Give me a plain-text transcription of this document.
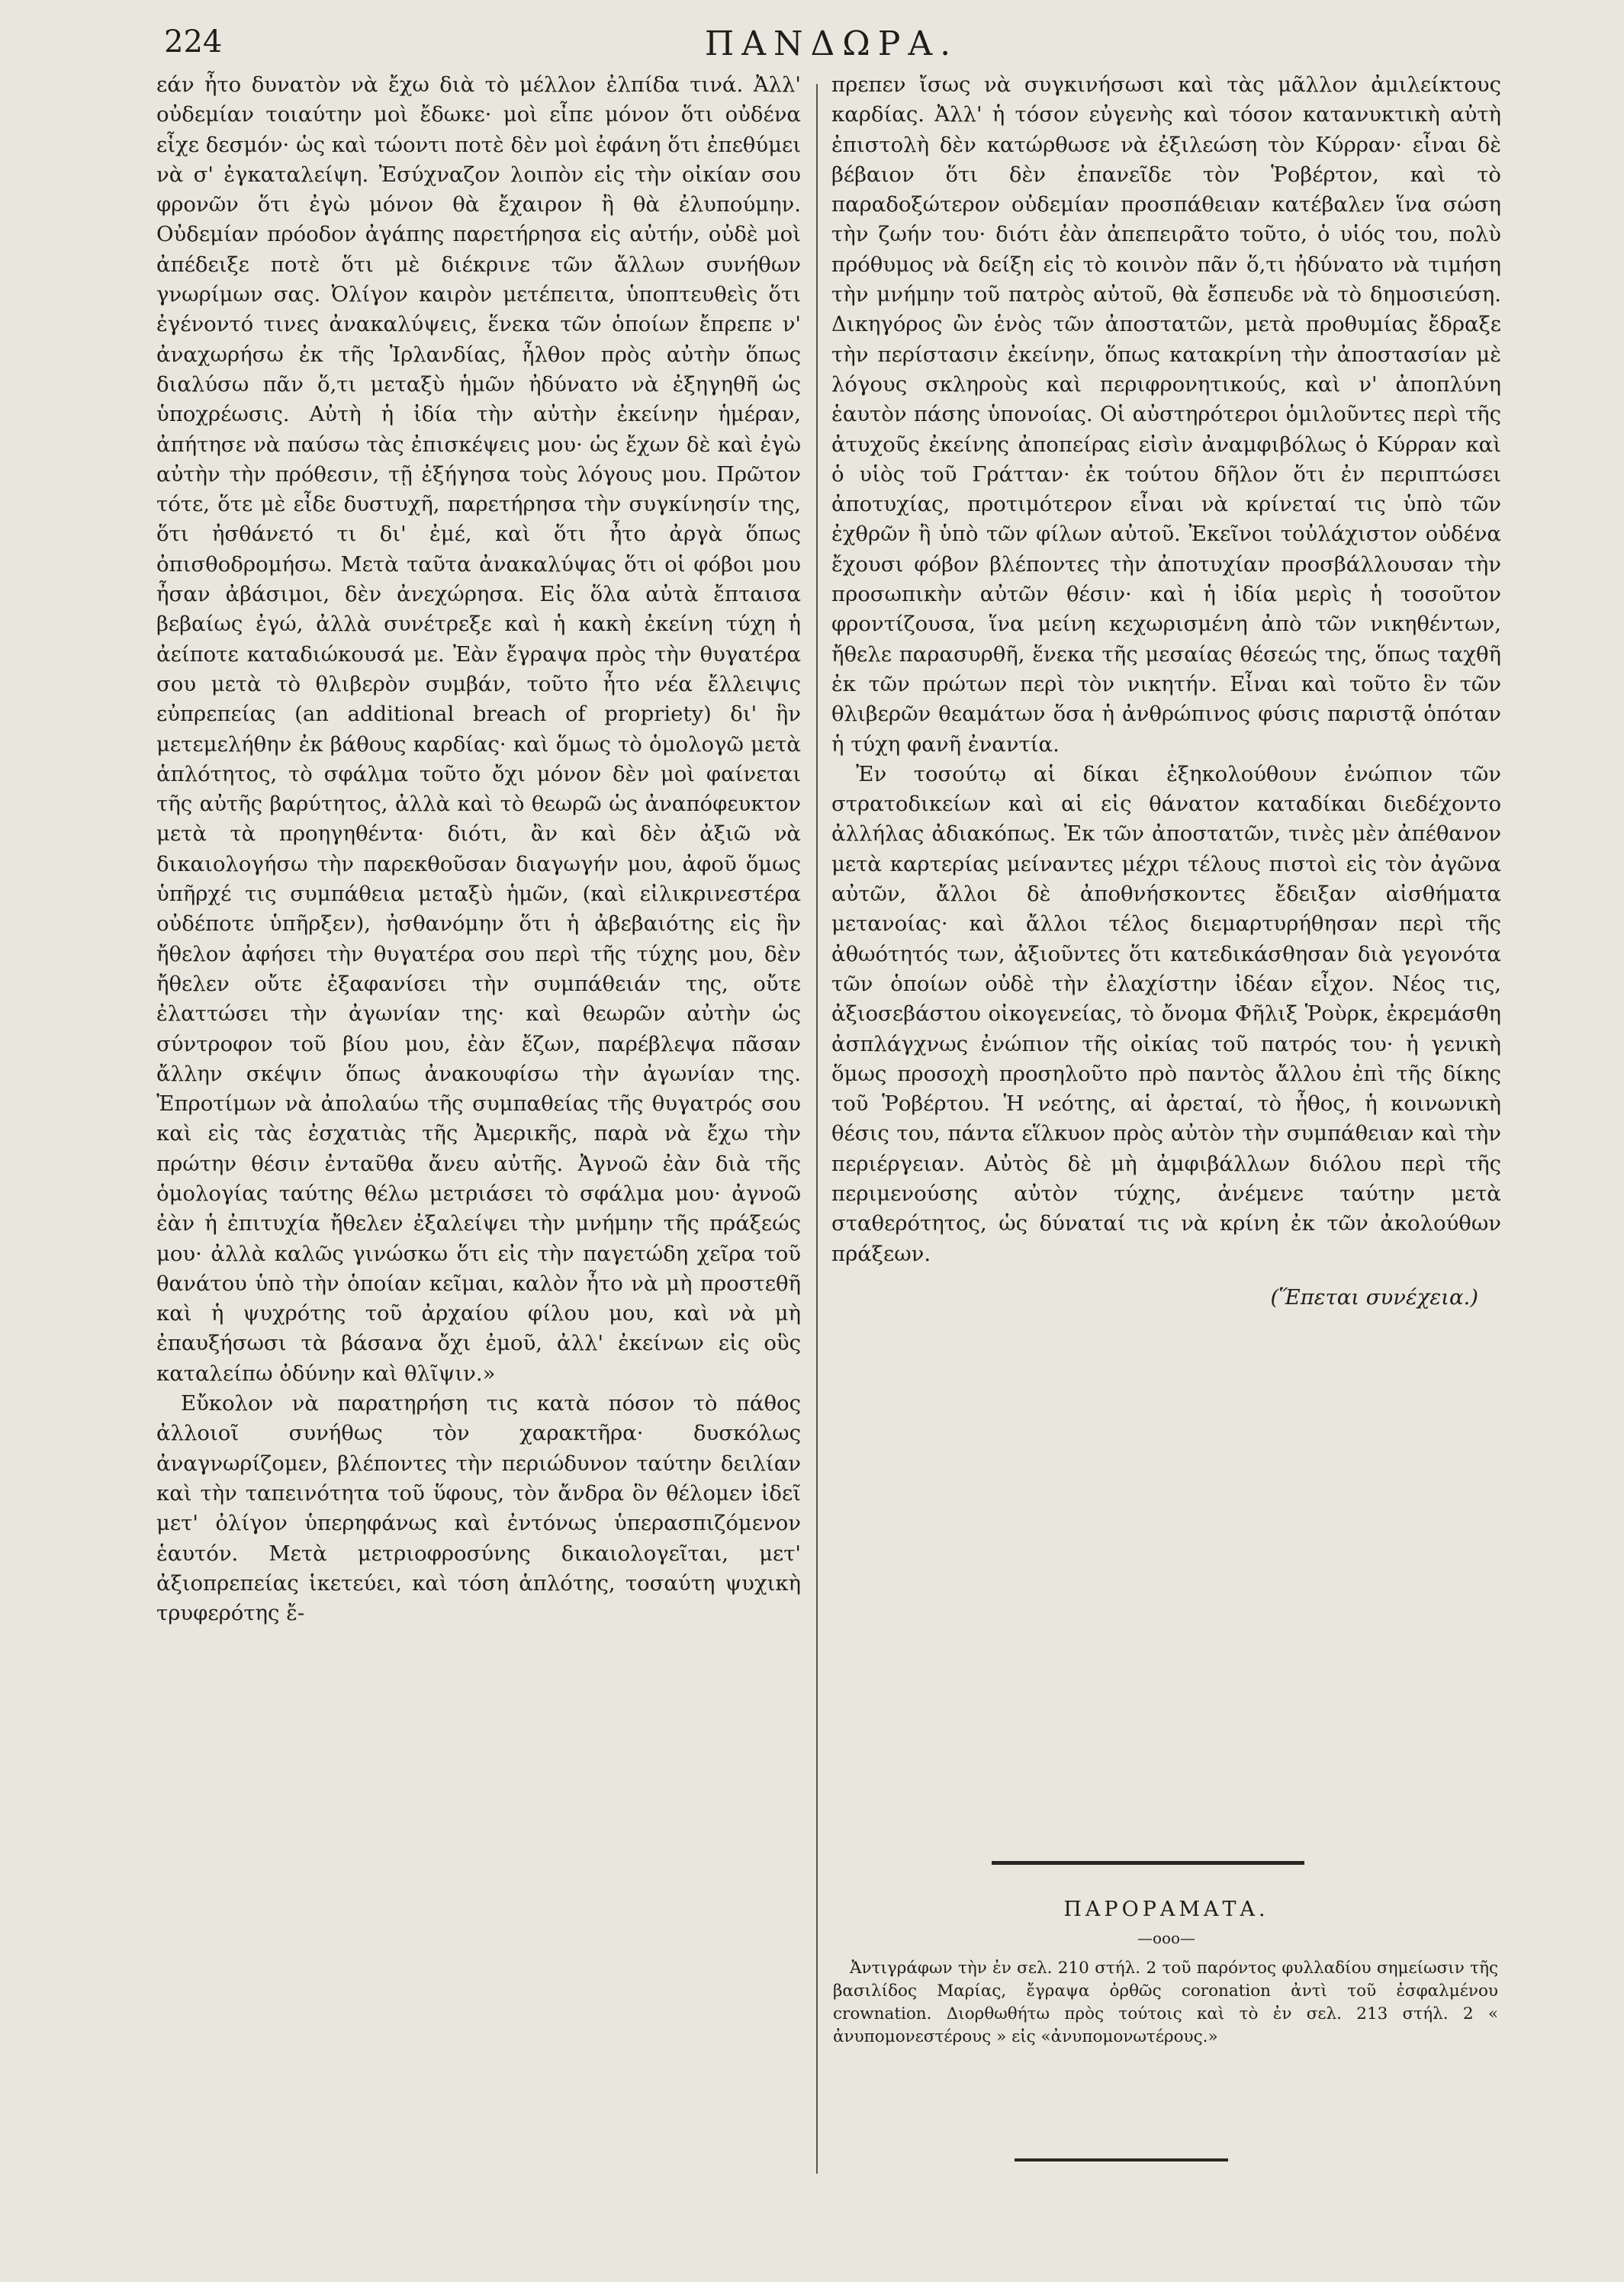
224	ΠΑΝΔΩΡΑ.

εάν ἦτο δυνατὸν νὰ ἔχω διὰ τὸ μέλλον ἐλπίδα τινά. Ἀλλ' οὐδεμίαν τοιαύτην μοὶ ἔδωκε· μοὶ εἶπε μόνον ὅτι οὐδένα εἶχε δεσμόν· ὡς καὶ τώοντι ποτὲ δὲν μοὶ ἐφάνη ὅτι ἐπεθύμει νὰ σ' ἐγκαταλείψη. Ἐσύχναζον λοιπὸν εἰς τὴν οἰκίαν σου φρονῶν ὅτι ἐγὼ μόνον θὰ ἔχαιρον ἢ θὰ ἐλυπούμην. Οὐδεμίαν πρόοδον ἀγάπης παρετήρησα εἰς αὐτήν, οὐδὲ μοὶ ἀπέδειξε ποτὲ ὅτι μὲ διέκρινε τῶν ἄλλων συνήθων γνωρίμων σας. Ὀλίγον καιρὸν μετέπειτα, ὑποπτευθεὶς ὅτι ἐγένοντό τινες ἀνακαλύψεις, ἕνεκα τῶν ὁποίων ἔπρεπε ν' ἀναχωρήσω ἐκ τῆς Ἰρλανδίας, ἦλθον πρὸς αὐτὴν ὅπως διαλύσω πᾶν ὅ,τι μεταξὺ ἡμῶν ἠδύνατο νὰ ἐξηγηθῆ ὡς ὑποχρέωσις. Αὐτὴ ἡ ἰδία τὴν αὐτὴν ἐκείνην ἡμέραν, ἀπήτησε νὰ παύσω τὰς ἐπισκέψεις μου· ὡς ἔχων δὲ καὶ ἐγὼ αὐτὴν τὴν πρόθεσιν, τῇ ἐξήγησα τοὺς λόγους μου. Πρῶτον τότε, ὅτε μὲ εἶδε δυστυχῆ, παρετήρησα τὴν συγκίνησίν της, ὅτι ἠσθάνετό τι δι' ἐμέ, καὶ ὅτι ἦτο ἀργὰ ὅπως ὀπισθοδρομήσω. Μετὰ ταῦτα ἀνακαλύψας ὅτι οἱ φόβοι μου ἦσαν ἀβάσιμοι, δὲν ἀνεχώρησα. Εἰς ὅλα αὐτὰ ἔπταισα βεβαίως ἐγώ, ἀλλὰ συνέτρεξε καὶ ἡ κακὴ ἐκείνη τύχη ἡ ἀείποτε καταδιώκουσά με. Ἐὰν ἔγραψα πρὸς τὴν θυγατέρα σου μετὰ τὸ θλιβερὸν συμβάν, τοῦτο ἦτο νέα ἔλλειψις εὐπρεπείας (an additional breach of propriety) δι' ἣν μετεμελήθην ἐκ βάθους καρδίας· καὶ ὅμως τὸ ὁμολογῶ μετὰ ἁπλότητος, τὸ σφάλμα τοῦτο ὄχι μόνον δὲν μοὶ φαίνεται τῆς αὐτῆς βαρύτητος, ἀλλὰ καὶ τὸ θεωρῶ ὡς ἀναπόφευκτον μετὰ τὰ προηγηθέντα· διότι, ἂν καὶ δὲν ἀξιῶ νὰ δικαιολογήσω τὴν παρεκθοῦσαν διαγωγήν μου, ἀφοῦ ὅμως ὑπῆρχέ τις συμπάθεια μεταξὺ ἡμῶν, (καὶ εἰλικρινεστέρα οὐδέποτε ὑπῆρξεν), ἠσθανόμην ὅτι ἡ ἀβεβαιότης εἰς ἣν ἤθελον ἀφήσει τὴν θυγατέρα σου περὶ τῆς τύχης μου, δὲν ἤθελεν οὔτε ἐξαφανίσει τὴν συμπάθειάν της, οὔτε ἐλαττώσει τὴν ἀγωνίαν της· καὶ θεωρῶν αὐτὴν ὡς σύντροφον τοῦ βίου μου, ἐὰν ἔζων, παρέβλεψα πᾶσαν ἄλλην σκέψιν ὅπως ἀνακουφίσω τὴν ἀγωνίαν της. Ἐπροτίμων νὰ ἀπολαύω τῆς συμπαθείας τῆς θυγατρός σου καὶ εἰς τὰς ἐσχατιὰς τῆς Ἀμερικῆς, παρὰ νὰ ἔχω τὴν πρώτην θέσιν ἐνταῦθα ἄνευ αὐτῆς. Ἀγνοῶ ἐὰν διὰ τῆς ὁμολογίας ταύτης θέλω μετριάσει τὸ σφάλμα μου· ἀγνοῶ ἐὰν ἡ ἐπιτυχία ἤθελεν ἐξαλείψει τὴν μνήμην τῆς πράξεώς μου· ἀλλὰ καλῶς γινώσκω ὅτι εἰς τὴν παγετώδη χεῖρα τοῦ θανάτου ὑπὸ τὴν ὁποίαν κεῖμαι, καλὸν ἦτο νὰ μὴ προστεθῆ καὶ ἡ ψυχρότης τοῦ ἀρχαίου φίλου μου, καὶ νὰ μὴ ἐπαυξήσωσι τὰ βάσανα ὄχι ἐμοῦ, ἀλλ' ἐκείνων εἰς οὓς καταλείπω ὀδύνην καὶ θλῖψιν.»

Εὔκολον νὰ παρατηρήση τις κατὰ πόσον τὸ πάθος ἀλλοιοῖ συνήθως τὸν χαρακτῆρα· δυσκόλως ἀναγνωρίζομεν, βλέποντες τὴν περιώδυνον ταύτην δειλίαν καὶ τὴν ταπεινότητα τοῦ ὕφους, τὸν ἄνδρα ὃν θέλομεν ἰδεῖ μετ' ὀλίγον ὑπερηφάνως καὶ ἐντόνως ὑπερασπιζόμενον ἑαυτόν. Μετὰ μετριοφροσύνης δικαιολογεῖται, μετ' ἀξιοπρεπείας ἱκετεύει, καὶ τόση ἁπλότης, τοσαύτη ψυχικὴ τρυφερότης ἔ-

πρεπεν ἴσως νὰ συγκινήσωσι καὶ τὰς μᾶλλον ἀμιλείκτους καρδίας. Ἀλλ' ἡ τόσον εὐγενὴς καὶ τόσον κατανυκτικὴ αὐτὴ ἐπιστολὴ δὲν κατώρθωσε νὰ ἐξιλεώση τὸν Κύρραν· εἶναι δὲ βέβαιον ὅτι δὲν ἐπανεῖδε τὸν Ῥοβέρτον, καὶ τὸ παραδοξώτερον οὐδεμίαν προσπάθειαν κατέβαλεν ἵνα σώση τὴν ζωήν του· διότι ἐὰν ἀπεπειρᾶτο τοῦτο, ὁ υἱός του, πολὺ πρόθυμος νὰ δείξη εἰς τὸ κοινὸν πᾶν ὅ,τι ἠδύνατο νὰ τιμήση τὴν μνήμην τοῦ πατρὸς αὐτοῦ, θὰ ἔσπευδε νὰ τὸ δημοσιεύση. Δικηγόρος ὢν ἑνὸς τῶν ἀποστατῶν, μετὰ προθυμίας ἔδραξε τὴν περίστασιν ἐκείνην, ὅπως κατακρίνη τὴν ἀποστασίαν μὲ λόγους σκληροὺς καὶ περιφρονητικούς, καὶ ν' ἀποπλύνη ἑαυτὸν πάσης ὑπονοίας. Οἱ αὐστηρότεροι ὁμιλοῦντες περὶ τῆς ἀτυχοῦς ἐκείνης ἀποπείρας εἰσὶν ἀναμφιβόλως ὁ Κύρραν καὶ ὁ υἱὸς τοῦ Γράτταν· ἐκ τούτου δῆλον ὅτι ἐν περιπτώσει ἀποτυχίας, προτιμότερον εἶναι νὰ κρίνεταί τις ὑπὸ τῶν ἐχθρῶν ἢ ὑπὸ τῶν φίλων αὐτοῦ. Ἐκεῖνοι τοὐλάχιστον οὐδένα ἔχουσι φόβον βλέποντες τὴν ἀποτυχίαν προσβάλλουσαν τὴν προσωπικὴν αὐτῶν θέσιν· καὶ ἡ ἰδία μερὶς ἡ τοσοῦτον φροντίζουσα, ἵνα μείνη κεχωρισμένη ἀπὸ τῶν νικηθέντων, ἤθελε παρασυρθῆ, ἕνεκα τῆς μεσαίας θέσεώς της, ὅπως ταχθῆ ἐκ τῶν πρώτων περὶ τὸν νικητήν. Εἶναι καὶ τοῦτο ἓν τῶν θλιβερῶν θεαμάτων ὅσα ἡ ἀνθρώπινος φύσις παριστᾷ ὁπόταν ἡ τύχη φανῆ ἐναντία.

Ἐν τοσούτῳ αἱ δίκαι ἐξηκολούθουν ἐνώπιον τῶν στρατοδικείων καὶ αἱ εἰς θάνατον καταδίκαι διεδέχοντο ἀλλήλας ἀδιακόπως. Ἐκ τῶν ἀποστατῶν, τινὲς μὲν ἀπέθανον μετὰ καρτερίας μείναντες μέχρι τέλους πιστοὶ εἰς τὸν ἀγῶνα αὐτῶν, ἄλλοι δὲ ἀποθνήσκοντες ἔδειξαν αἰσθήματα μετανοίας· καὶ ἄλλοι τέλος διεμαρτυρήθησαν περὶ τῆς ἀθωότητός των, ἀξιοῦντες ὅτι κατεδικάσθησαν διὰ γεγονότα τῶν ὁποίων οὐδὲ τὴν ἐλαχίστην ἰδέαν εἶχον. Νέος τις, ἀξιοσεβάστου οἰκογενείας, τὸ ὄνομα Φῆλιξ Ῥοὺρκ, ἐκρεμάσθη ἀσπλάγχνως ἐνώπιον τῆς οἰκίας τοῦ πατρός του· ἡ γενικὴ ὅμως προσοχὴ προσηλοῦτο πρὸ παντὸς ἄλλου ἐπὶ τῆς δίκης τοῦ Ῥοβέρτου. Ἡ νεότης, αἱ ἀρεταί, τὸ ἦθος, ἡ κοινωνικὴ θέσις του, πάντα εἵλκυον πρὸς αὐτὸν τὴν συμπάθειαν καὶ τὴν περιέργειαν. Αὐτὸς δὲ μὴ ἀμφιβάλλων διόλου περὶ τῆς περιμενούσης αὐτὸν τύχης, ἀνέμενε ταύτην μετὰ σταθερότητος, ὡς δύναταί τις νὰ κρίνη ἐκ τῶν ἀκολούθων πράξεων.

(Ἕπεται συνέχεια.)

ΠΑΡΟΡΑΜΑΤΑ.
—οοο—
Ἀντιγράφων τὴν ἐν σελ. 210 στήλ. 2 τοῦ παρόντος φυλλαδίου σημείωσιν τῆς βασιλίδος Μαρίας, ἔγραψα ὀρθῶς coronation ἀντὶ τοῦ ἐσφαλμένου crownation. Διορθωθήτω πρὸς τούτοις καὶ τὸ ἐν σελ. 213 στήλ. 2 « ἀνυπομονεστέρους » εἰς «ἀνυπομονωτέρους.»
